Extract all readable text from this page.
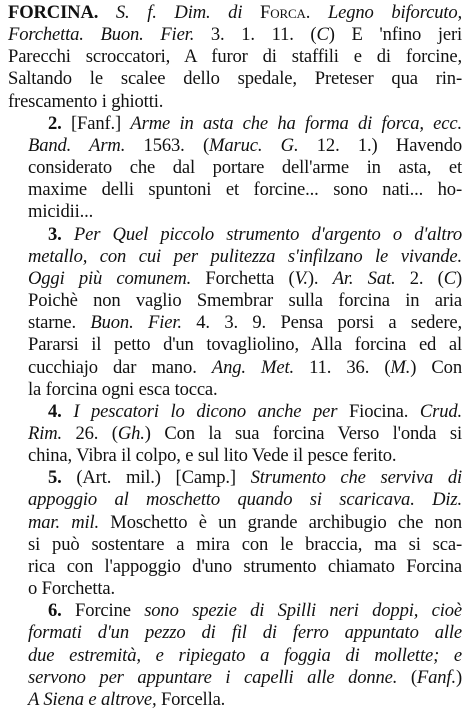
FORCINA. S. f. Dim. di Forca. Legno biforcuto,
Forchetta. Buon. Fier. 3. 1. 11. (C) E 'nfino jeri
Parecchi scroccatori, A furor di staffili e di forcine,
Saltando le scalee dello spedale, Preteser qua rin-
frescamento i ghiotti.
2. [Fanf.] Arme in asta che ha forma di forca, ecc.
Band. Arm. 1563. (Maruc. G. 12. 1.) Havendo
considerato che dal portare dell'arme in asta, et
maxime delli spuntoni et forcine... sono nati... ho-
micidii...
3. Per Quel piccolo strumento d'argento o d'altro
metallo, con cui per pulitezza s'infilzano le vivande.
Oggi più comunem. Forchetta (V.). Ar. Sat. 2. (C)
Poichè non vaglio Smembrar sulla forcina in aria
starne. Buon. Fier. 4. 3. 9. Pensa porsi a sedere,
Pararsi il petto d'un tovagliolino, Alla forcina ed al
cucchiajo dar mano. Ang. Met. 11. 36. (M.) Con
la forcina ogni esca tocca.
4. I pescatori lo dicono anche per Fiocina. Crud.
Rim. 26. (Gh.) Con la sua forcina Verso l'onda si
china, Vibra il colpo, e sul lito Vede il pesce ferito.
5. (Art. mil.) [Camp.] Strumento che serviva di
appoggio al moschetto quando si scaricava. Diz.
mar. mil. Moschetto è un grande archibugio che non
si può sostentare a mira con le braccia, ma si sca-
rica con l'appoggio d'uno strumento chiamato Forcina
o Forchetta.
6. Forcine sono spezie di Spilli neri doppi, cioè
formati d'un pezzo di fil di ferro appuntato alle
due estremità, e ripiegato a foggia di mollette; e
servono per appuntare i capelli alle donne. (Fanf.)
A Siena e altrove, Forcella.
